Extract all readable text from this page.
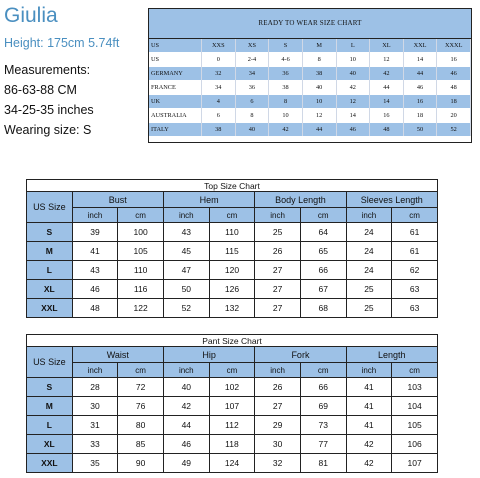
Giulia
Height: 175cm 5.74ft
Measurements:
86-63-88 CM
34-25-35 inches
Wearing size: S
READY TO WEAR SIZE CHART
US	XXS	XS	S	M	L	XL	XXL	XXXL
US	0	2-4	4-6	8	10	12	14	16
GERMANY	32	34	36	38	40	42	44	46
FRANCE	34	36	38	40	42	44	46	48
UK	4	6	8	10	12	14	16	18
AUSTRALIA	6	8	10	12	14	16	18	20
ITALY	38	40	42	44	46	48	50	52
Top Size Chart								
US Size	Bust		Hem		Body Length		Sleeves Length	
	inch	cm	inch	cm	inch	cm	inch	cm
S	39	100	43	110	25	64	24	61
M	41	105	45	115	26	65	24	61
L	43	110	47	120	27	66	24	62
XL	46	116	50	126	27	67	25	63
XXL	48	122	52	132	27	68	25	63
Pant Size Chart								
US Size	Waist		Hip		Fork		Length	
	inch	cm	inch	cm	inch	cm	inch	cm
S	28	72	40	102	26	66	41	103
M	30	76	42	107	27	69	41	104
L	31	80	44	112	29	73	41	105
XL	33	85	46	118	30	77	42	106
XXL	35	90	49	124	32	81	42	107
